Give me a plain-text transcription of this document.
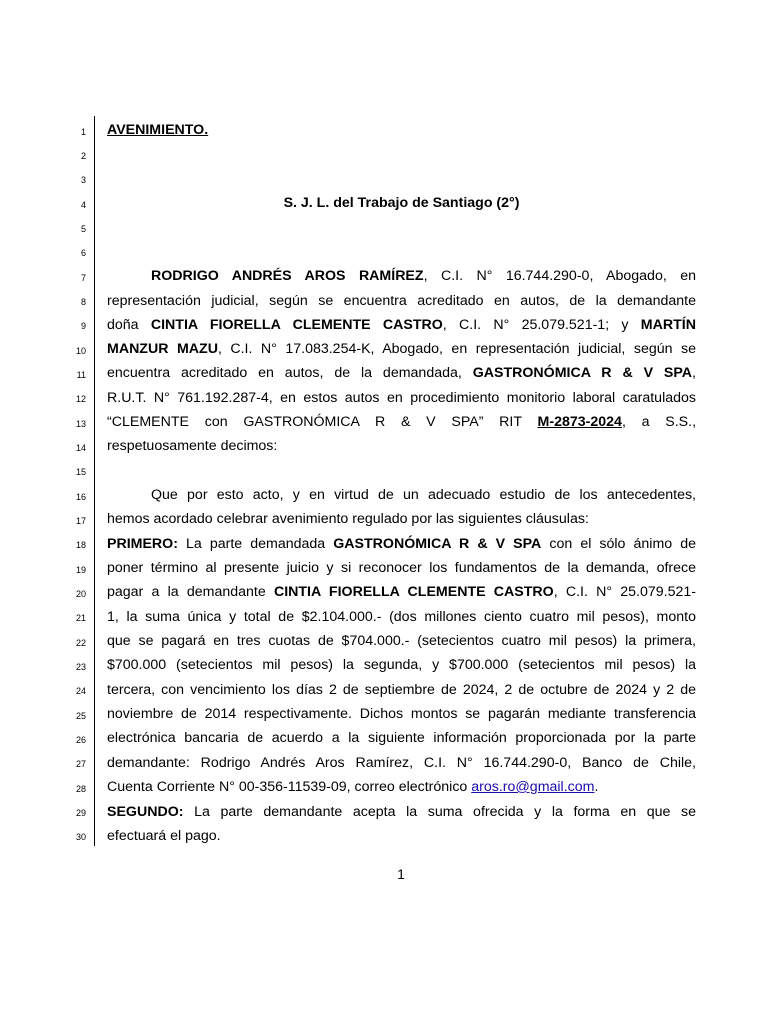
1
2
3
4
5
6
7
8
9
10
11
12
13
14
15
16
17
18
19
20
21
22
23
24
25
26
27
28
29
30
AVENIMIENTO.
S. J. L. del Trabajo de Santiago (2°)
RODRIGO ANDRÉS AROS RAMÍREZ, C.I. N° 16.744.290-0, Abogado, en
representación judicial, según se encuentra acreditado en autos, de la demandante
doña CINTIA FIORELLA CLEMENTE CASTRO, C.I. N° 25.079.521-1; y MARTÍN
MANZUR MAZU, C.I. N° 17.083.254-K, Abogado, en representación judicial, según se
encuentra acreditado en autos, de la demandada, GASTRONÓMICA R & V SPA,
R.U.T. N° 761.192.287-4, en estos autos en procedimiento monitorio laboral caratulados
“CLEMENTE con GASTRONÓMICA R & V SPA” RIT M-2873-2024, a S.S.,
respetuosamente decimos:
Que por esto acto, y en virtud de un adecuado estudio de los antecedentes,
hemos acordado celebrar avenimiento regulado por las siguientes cláusulas:
PRIMERO: La parte demandada GASTRONÓMICA R & V SPA con el sólo ánimo de
poner término al presente juicio y si reconocer los fundamentos de la demanda, ofrece
pagar a la demandante CINTIA FIORELLA CLEMENTE CASTRO, C.I. N° 25.079.521-
1, la suma única y total de $2.104.000.- (dos millones ciento cuatro mil pesos), monto
que se pagará en tres cuotas de $704.000.- (setecientos cuatro mil pesos) la primera,
$700.000 (setecientos mil pesos) la segunda, y $700.000 (setecientos mil pesos) la
tercera, con vencimiento los días 2 de septiembre de 2024, 2 de octubre de 2024 y 2 de
noviembre de 2014 respectivamente. Dichos montos se pagarán mediante transferencia
electrónica bancaria de acuerdo a la siguiente información proporcionada por la parte
demandante: Rodrigo Andrés Aros Ramírez, C.I. N° 16.744.290-0, Banco de Chile,
Cuenta Corriente N° 00-356-11539-09, correo electrónico aros.ro@gmail.com.
SEGUNDO: La parte demandante acepta la suma ofrecida y la forma en que se
efectuará el pago.
1
